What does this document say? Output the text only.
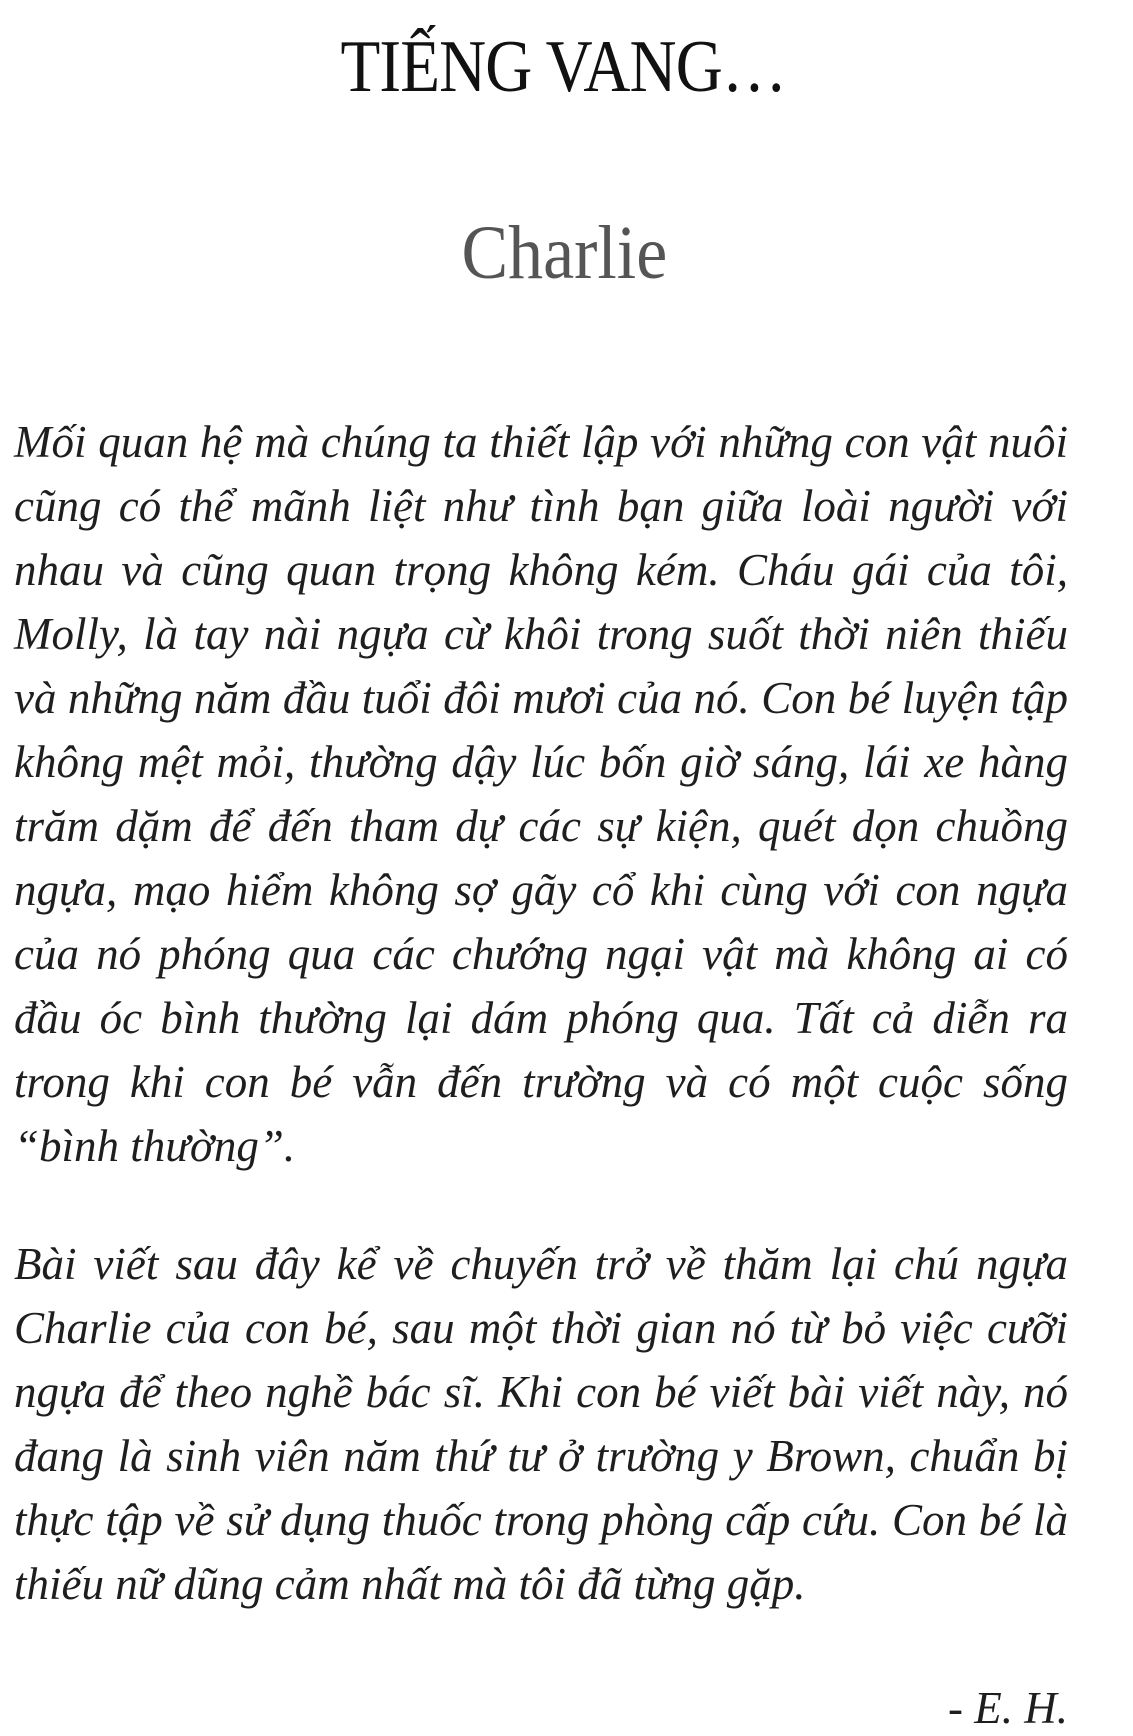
TIẾNG VANG…
Charlie

Mối quan hệ mà chúng ta thiết lập với những con vật nuôi cũng có thể mãnh liệt như tình bạn giữa loài người với nhau và cũng quan trọng không kém. Cháu gái của tôi, Molly, là tay nài ngựa cừ khôi trong suốt thời niên thiếu và những năm đầu tuổi đôi mươi của nó. Con bé luyện tập không mệt mỏi, thường dậy lúc bốn giờ sáng, lái xe hàng trăm dặm để đến tham dự các sự kiện, quét dọn chuồng ngựa, mạo hiểm không sợ gãy cổ khi cùng với con ngựa của nó phóng qua các chướng ngại vật mà không ai có đầu óc bình thường lại dám phóng qua. Tất cả diễn ra trong khi con bé vẫn đến trường và có một cuộc sống “bình thường”.

Bài viết sau đây kể về chuyến trở về thăm lại chú ngựa Charlie của con bé, sau một thời gian nó từ bỏ việc cưỡi ngựa để theo nghề bác sĩ. Khi con bé viết bài viết này, nó đang là sinh viên năm thứ tư ở trường y Brown, chuẩn bị thực tập về sử dụng thuốc trong phòng cấp cứu. Con bé là thiếu nữ dũng cảm nhất mà tôi đã từng gặp.

- E. H.
